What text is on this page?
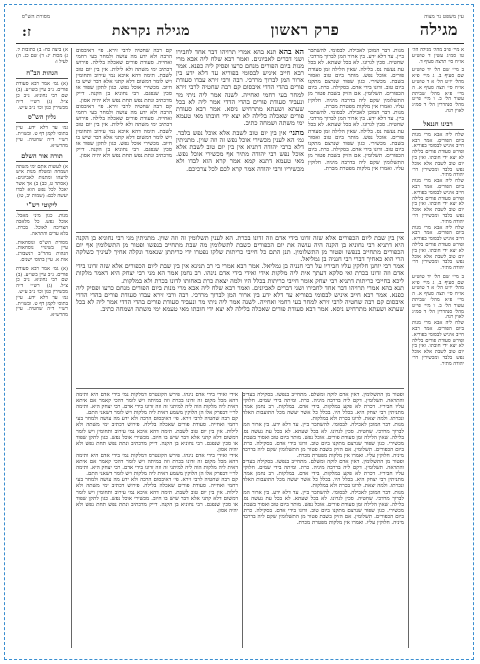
עין משפט נר מצוה
מסורת הש"ס
מגילה
פרק ראשון
מגילה נקראת
ז:

א מיי׳ פ״ב מהל׳ מגילה הל׳ טו סמ״ג עשין ד טוש״ע או״ח סי׳ תרצה סעיף ד.

ב מיי׳ שם הל׳ יד טוש״ע שם סעיף ב. ג מיי׳ פ״א מהל׳ יו״ט הל׳ א ד טוש״ע או״ח סי׳ תצה סעיף א. ה מיי׳ פ״א מהל׳ שביתת עשור הל׳ ב. ו מיי׳ פי״ט מהל׳ סנהדרין הל׳ ד סמ״ג לאוין רנה.

רבינו חננאל

שלח ליה אבא מרי מנות ביום הפורים. אמר רבא חייב איניש לבסומי בפוריא. ופירש סעודת פורים בלילה לא יצא ידי חובתו. ואין בין יום טוב לשבת אלא אוכל נפש בלבד ומכשירין דר׳ יהודה מתיר.

שלח ליה אבא מרי מנות ביום הפורים. אמר רבא חייב איניש לבסומי בפוריא. ופירש סעודת פורים בלילה לא יצא ידי חובתו. ואין בין יום טוב לשבת אלא אוכל נפש בלבד ומכשירין דר׳ יהודה מתיר.

שלח ליה אבא מרי מנות ביום הפורים. אמר רבא חייב איניש לבסומי בפוריא. ופירש סעודת פורים בלילה לא יצא ידי חובתו. ואין בין יום טוב לשבת אלא אוכל נפש בלבד ומכשירין דר׳ יהודה מתיר.

ב מיי׳ שם הל׳ יד טוש״ע שם סעיף ב. ג מיי׳ פ״א מהל׳ יו״ט הל׳ א ד טוש״ע או״ח סי׳ תצה סעיף א. ה מיי׳ פ״א מהל׳ שביתת עשור הל׳ ב. ו מיי׳ פי״ט מהל׳ סנהדרין הל׳ ד סמ״ג לאוין רנה.

שלח ליה אבא מרי מנות ביום הפורים. אמר רבא חייב איניש לבסומי בפוריא. ופירש סעודת פורים בלילה לא יצא ידי חובתו. ואין בין יום טוב לשבת אלא אוכל נפש בלבד ומכשירין דר׳ יהודה מתיר.

א) ביצה כח: ב) כתובות ל. ג) מכות יג: ד) שם כג. ה) לעיל ו:

הגהות הב"ח

(א) גמ׳ אמר רבא סעודת פורים. נ״ב עיין בשו״ע. (ב) שם רבי נחוניא. נ״ב כן צ״ל. (ג) רש״י ד״ה מכשירין כגון וכו׳ נ״ב ע״ש.

גליון הש"ס

גמ׳ עד דלא ידע. עיין בתוס׳ לקמן דף ט. ובשו״ת. רש״י ד״ה שחטיה. עיין מהרש״א.

תורה אור השלם

א) לעשות אתם ימי משתה ושמחה ומשלח מנות איש לרעהו ומתנות לאביונים: (אסתר ט, כב) ב) אך אשר יאכל לכל נפש הוא לבדו יעשה לכם: (שמות יב, טז)

ליקוטי רש"י

מנות. כגון מיני מאכל. אוכל נפש. כל מלאכה הצריכה לאוכל. בכרת. בלא עדים והתראה.

מסורת הש"ס ונוסחאות. עיין בשינויי נוסחאות. הגהות מהר"ב רנשבורג. אות א. עיין בתוס׳ ישנים.

(א) גמ׳ אמר רבא סעודת פורים. נ״ב עיין בשו״ע. (ב) שם רבי נחוניא. נ״ב כן צ״ל. (ג) רש״י ד״ה מכשירין כגון וכו׳ נ״ב ע״ש.

גמ׳ עד דלא ידע. עיין בתוס׳ לקמן דף ט. ובשו״ת. רש״י ד״ה שחטיה. עיין מהרש״א.

מנות. דבר המוכן לאכילה. לבסומי. להשתכר ביין. עד דלא ידע. בין ארור המן לברוך מרדכי. שחטיה. סכין לגרונו. לא בכל שעתא. לא בכל עת נעשה נס. בלילה. שאין הלילה זמן סעודת פורים. אוכל נפש. מותר ביום טוב ואסור בשבת. מכשירי. כגון שפוד שנרצם מתקנו ביום טוב. זדונו בידי אדם. בסקילה. כרת. ביום הכפורים. תשלומין. אם הזיק בשבת פטור מן התשלומין שקם ליה בדרבה מיניה. חלוקין עליו. ואמרו אין מלקות מפטרת מכרת.

מנות. דבר המוכן לאכילה. לבסומי. להשתכר ביין. עד דלא ידע. בין ארור המן לברוך מרדכי. שחטיה. סכין לגרונו. לא בכל שעתא. לא בכל עת נעשה נס. בלילה. שאין הלילה זמן סעודת פורים. אוכל נפש. מותר ביום טוב ואסור בשבת. מכשירי. כגון שפוד שנרצם מתקנו ביום טוב. זדונו בידי אדם. בסקילה. כרת. ביום הכפורים. תשלומין. אם הזיק בשבת פטור מן התשלומין שקם ליה בדרבה מיניה. חלוקין עליו. ואמרו אין מלקות מפטרת מכרת.

קם רבה שחטיה לרבי זירא. פי׳ דאיבסום הרבה ולא ידע מה עושה ולמחר בעי רחמי ואחייה. סעודת פורים שאכלה בלילה. פירוש דכתיב ימי משתה ולא לילות. אין בין יום טוב לשבת. תימה דהא איכא נמי עירוב ותחומין ויש לומר דמשום דלא קתני אלא דבר שיש בו חיוב. מכשירי אוכל נפש. כגון לתקן שפוד או סכין שנפגם. רבי נחוניא בן הקנה. דייק מדכתיב ונתת נפש תחת נפש ולא יהיה אסון.

קם רבה שחטיה לרבי זירא. פי׳ דאיבסום הרבה ולא ידע מה עושה ולמחר בעי רחמי ואחייה. סעודת פורים שאכלה בלילה. פירוש דכתיב ימי משתה ולא לילות. אין בין יום טוב לשבת. תימה דהא איכא נמי עירוב ותחומין ויש לומר דמשום דלא קתני אלא דבר שיש בו חיוב. מכשירי אוכל נפש. כגון לתקן שפוד או סכין שנפגם. רבי נחוניא בן הקנה. דייק מדכתיב ונתת נפש תחת נפש ולא יהיה אסון.

הא בהא תנא בהא אמרי תרויהו דבר אחד לחבירו ושני דברים לאביונים. ואמר רבא שלח ליה אבא מרי מנות ביום הפורים מנחם כרעו ופסיק ליה כפנא. אמר רבא חייב איניש לבסומי בפוריא עד דלא ידע בין ארור המן לברוך מרדכי. רבה ורבי זירא עבדו סעודת פורים בהדי הדדי איבסום קם רבה שחטיה לרבי זירא למחר בעי רחמי ואחייה. לשנה אמר ליה ניתי מר ונעביד סעודת פורים בהדי הדדי אמר ליה לא בכל שעתא ושעתא מתרחיש ניסא. אמר רבא סעודת פורים שאכלה בלילה לא יצא ידי חובתו מאי טעמא ימי משתה ושמחה כתיב.

מתני׳ אין בין יום טוב לשבת אלא אוכל נפש בלבד. גמ׳ הא לענין מכשירי אוכל נפש זה וזה שוין. מתניתין דלא כרבי יהודה דתניא אין בין יום טוב לשבת אלא אוכל נפש רבי יהודה מתיר אף מכשירי אוכל נפש. מאי טעמא דתנא קמא אמר קרא הוא לבדו ולא מכשיריו ורבי יהודה אמר קרא לכם לכל צרכיכם.

אין בין שבת ליום הכפורים אלא שזה זדונו בידי אדם וזה זדונו בכרת. הא לענין תשלומין זה וזה שוין. מתניתין מני רבי נחוניא בן הקנה היא דתניא רבי נחוניא בן הקנה היה עושה את יום הכפורים כשבת לתשלומין מה שבת מתחייב בנפשו ופטור מן התשלומין אף יום הכפורים מתחייב בנפשו ופטור מן התשלומין. תנן התם כל חייבי כריתות שלקו נפטרו ידי כריתתן שנאמר ונקלה אחיך לעיניך כשלקה הרי הוא כאחיך דברי רבי חנניה בן גמליאל.

אמר רבי יוחנן חלוקין עליו חביריו על רבי חנניה בן גמליאל. אמר רבא אמרי בי רב תנינא אין בין שבת ליום הכפורים אלא שזה זדונו בידי אדם וזה זדונו בכרת ואי סלקא דעתך אית ליה מלקות אידי ואידי בידי אדם נינהו. רב נחמן אמר הא מני רבי יצחק היא דאמר מלקות ליכא בחייבי כריתות דתניא רבי יצחק אומר חייבי כריתות בכלל היו ולמה יצאת כרת באחותו לדונו בכרת ולא במלקות.

תנא בהא אמרי תרויהו דבר אחד לחבירו ושני דברים לאביונים. ואמר רבא שלח ליה אבא מרי מנות ביום הפורים מנחם כרעו ופסיק ליה כפנא. אמר רבא חייב איניש לבסומי בפוריא עד דלא ידע בין ארור המן לברוך מרדכי. רבה ורבי זירא עבדו סעודת פורים בהדי הדדי איבסום קם רבה שחטיה לרבי זירא למחר בעי רחמי ואחייה. לשנה אמר ליה ניתי מר ונעביד סעודת פורים בהדי הדדי אמר ליה לא בכל שעתא ושעתא מתרחיש ניסא. אמר רבא סעודת פורים שאכלה בלילה לא יצא ידי חובתו מאי טעמא ימי משתה ושמחה כתיב.

ופטור מן התשלומין. דאין אדם לוקה ומשלם. מתחייב בנפשו. בסקילה בעדים והתראה. תשלומין. דקם ליה בדרבה מיניה. כרת. ומיתה בידי שמים. חלוקין עליו חביריו. דכרת לא פקע במלקות. בידי אדם. במלקות. רב נחמן אמר. מתניתין רבי יצחק היא. בכלל היו. בכלל כל אשר יעשה מכל התועבות האלה ונכרתו. ולמה יצאת. לדונו בכרת ולא במלקות.

מנות. דבר המוכן לאכילה. לבסומי. להשתכר ביין. עד דלא ידע. בין ארור המן לברוך מרדכי. שחטיה. סכין לגרונו. לא בכל שעתא. לא בכל עת נעשה נס. בלילה. שאין הלילה זמן סעודת פורים. אוכל נפש. מותר ביום טוב ואסור בשבת. מכשירי. כגון שפוד שנרצם מתקנו ביום טוב. זדונו בידי אדם. בסקילה. כרת. ביום הכפורים. תשלומין. אם הזיק בשבת פטור מן התשלומין שקם ליה בדרבה מיניה. חלוקין עליו. ואמרו אין מלקות מפטרת מכרת.

ופטור מן התשלומין. דאין אדם לוקה ומשלם. מתחייב בנפשו. בסקילה בעדים והתראה. תשלומין. דקם ליה בדרבה מיניה. כרת. ומיתה בידי שמים. חלוקין עליו חביריו. דכרת לא פקע במלקות. בידי אדם. במלקות. רב נחמן אמר. מתניתין רבי יצחק היא. בכלל היו. בכלל כל אשר יעשה מכל התועבות האלה ונכרתו. ולמה יצאת. לדונו בכרת ולא במלקות.

מנות. דבר המוכן לאכילה. לבסומי. להשתכר ביין. עד דלא ידע. בין ארור המן לברוך מרדכי. שחטיה. סכין לגרונו. לא בכל שעתא. לא בכל עת נעשה נס. בלילה. שאין הלילה זמן סעודת פורים. אוכל נפש. מותר ביום טוב ואסור בשבת. מכשירי. כגון שפוד שנרצם מתקנו ביום טוב. זדונו בידי אדם. בסקילה. כרת. ביום הכפורים. תשלומין. אם הזיק בשבת פטור מן התשלומין שקם ליה בדרבה מיניה. חלוקין עליו. ואמרו אין מלקות מפטרת מכרת.

אידי ואידי בידי אדם נינהו. פירש הקונטרס דמלקות נמי בידי אדם היא ותימה דהא מכל מקום זה זדונו בכרת וזה במיתה ויש לומר דהכי קאמר אם איתא דאית ליה מלקות הוה ליה למיתני זה וזה זדונו בידי אדם. רבי יצחק היא. ותימה לר״י דבפרק אלו הן הלוקין משמע דאית ליה מלקות ויש לומר דשאני התם.

קם רבה שחטיה לרבי זירא. פי׳ דאיבסום הרבה ולא ידע מה עושה ולמחר בעי רחמי ואחייה. סעודת פורים שאכלה בלילה. פירוש דכתיב ימי משתה ולא לילות. אין בין יום טוב לשבת. תימה דהא איכא נמי עירוב ותחומין ויש לומר דמשום דלא קתני אלא דבר שיש בו חיוב. מכשירי אוכל נפש. כגון לתקן שפוד או סכין שנפגם. רבי נחוניא בן הקנה. דייק מדכתיב ונתת נפש תחת נפש ולא יהיה אסון.

אידי ואידי בידי אדם נינהו. פירש הקונטרס דמלקות נמי בידי אדם היא ותימה דהא מכל מקום זה זדונו בכרת וזה במיתה ויש לומר דהכי קאמר אם איתא דאית ליה מלקות הוה ליה למיתני זה וזה זדונו בידי אדם. רבי יצחק היא. ותימה לר״י דבפרק אלו הן הלוקין משמע דאית ליה מלקות ויש לומר דשאני התם.

קם רבה שחטיה לרבי זירא. פי׳ דאיבסום הרבה ולא ידע מה עושה ולמחר בעי רחמי ואחייה. סעודת פורים שאכלה בלילה. פירוש דכתיב ימי משתה ולא לילות. אין בין יום טוב לשבת. תימה דהא איכא נמי עירוב ותחומין ויש לומר דמשום דלא קתני אלא דבר שיש בו חיוב. מכשירי אוכל נפש. כגון לתקן שפוד או סכין שנפגם. רבי נחוניא בן הקנה. דייק מדכתיב ונתת נפש תחת נפש ולא יהיה אסון.
